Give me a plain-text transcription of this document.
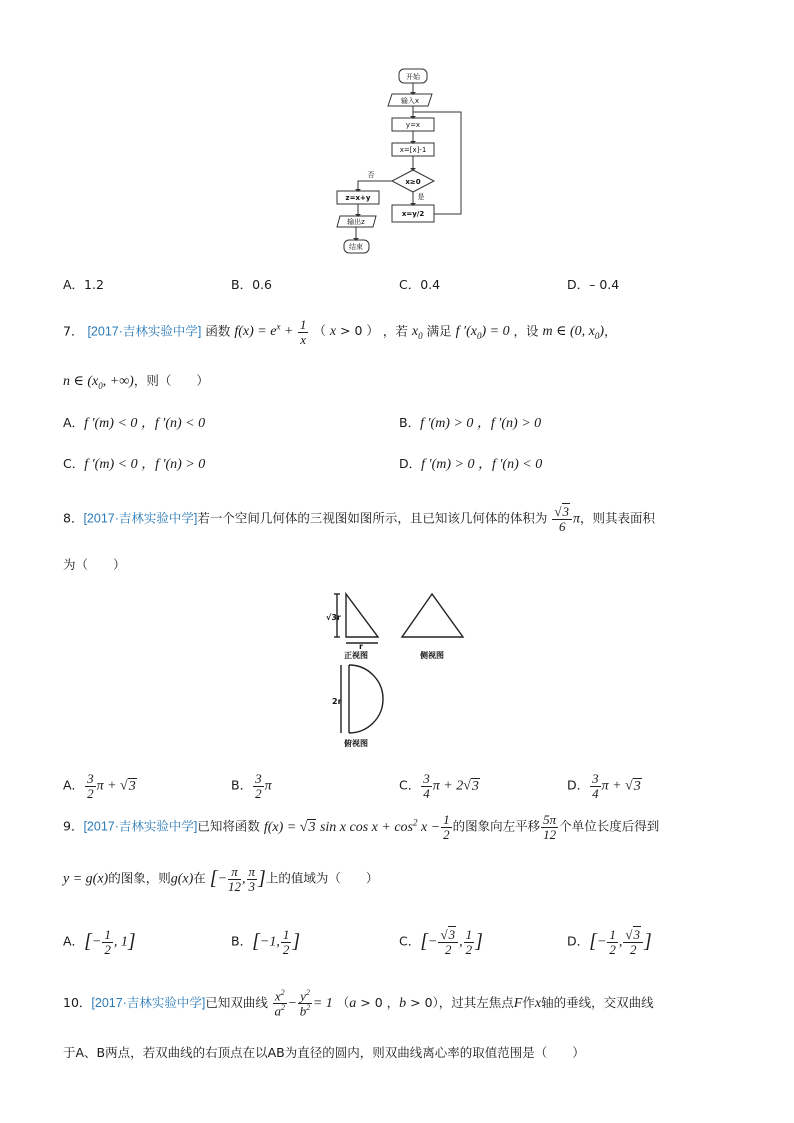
开始
输入x
y=x
x=[x]-1
x≥0
否
是
z=x+y
x=y/2
输出z
结束
A．1.2	B．0.6	C．0.4	D．– 0.4
7． [2017·吉林实验中学] 函数 $f(x) = e^x + \frac{1}{x}$ （ x > 0 ） ，若 $x_0$ 满足 f $'(x_0) = 0$ ，设 m ∈ (0, $x_0$)，
n ∈ ($x_0$, +∞)，则（　　）
A．f ′(m) < 0 ，f ′(n) < 0	B．f ′(m) > 0 ，f ′(n) > 0
C．f ′(m) < 0 ，f ′(n) > 0	D．f ′(m) > 0 ，f ′(n) < 0
8．[2017·吉林实验中学]若一个空间几何体的三视图如图所示，且已知该几何体的体积为 $\frac{√3}{6}$ π，则其表面积
为（　　）
√3r
r
正视图	侧视图
2r
俯视图
A． $\frac{3}{2}$ π + √3	B． $\frac{3}{2}$ π	C． $\frac{3}{4}$ π + 2√3	D． $\frac{3}{4}$ π + √3
9．[2017·吉林实验中学]已知将函数 f(x) = √3 sin x $\cos x + \cos^2 x - \frac{1}{2}$ 的图象向左平移 $\frac{5\pi}{12}$ 个单位长度后得到
y = g(x)的图象，则g(x)在 [− $\frac{\pi}{12}$ , $\frac{\pi}{3}$ ]上的值域为（　　）
A．[− $\frac{1}{2}$ , 1]	B．[−1, $\frac{1}{2}$ ]	C．[− $\frac{√3}{2}$ , $\frac{1}{2}$ ]	D．[− $\frac{1}{2}$ , $\frac{√3}{2}$ ]
10．[2017·吉林实验中学]已知双曲线 $\frac{x^2}{a^2} - \frac{y^2}{b^2} = 1$ （a > 0 ，b > 0），过其左焦点F作x轴的垂线，交双曲线
于A、B两点，若双曲线的右顶点在以AB为直径的圆内，则双曲线离心率的取值范围是（　　）
